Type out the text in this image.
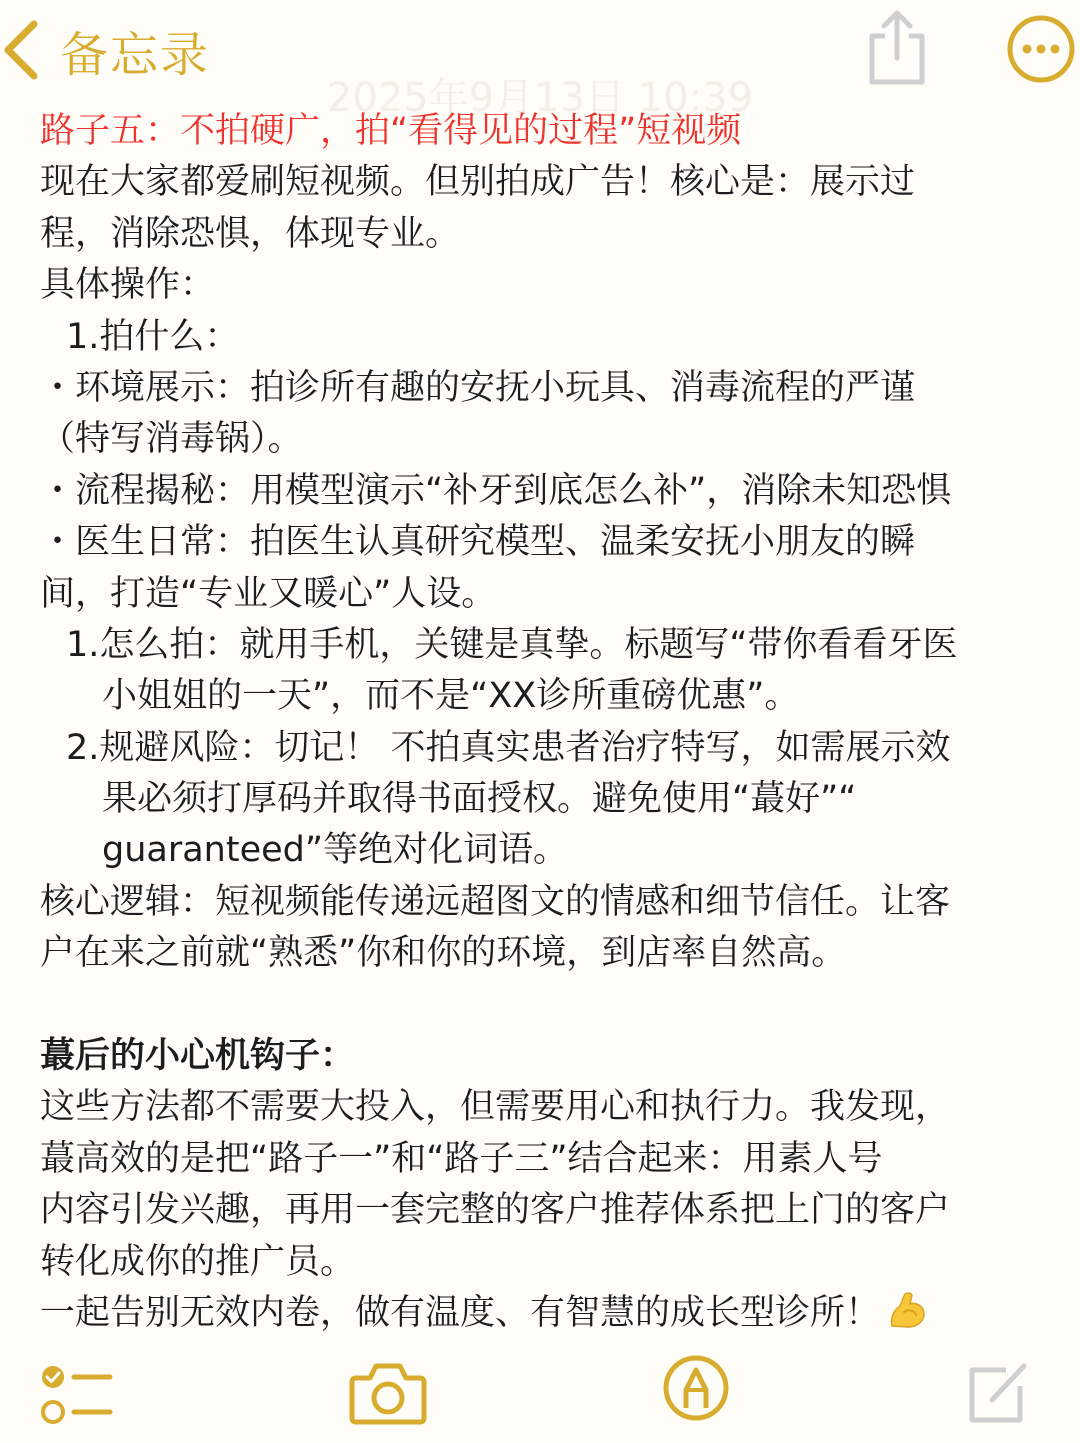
2025年9月13日 10:39
备忘录
路子五：不拍硬广，拍“看得见的过程”短视频
现在大家都爱刷短视频。但别拍成广告！核心是：展示过
程，消除恐惧，体现专业。
具体操作：
1.拍什么：
・环境展示：拍诊所有趣的安抚小玩具、消毒流程的严谨
（特写消毒锅）。
・流程揭秘：用模型演示“补牙到底怎么补”，消除未知恐惧
・医生日常：拍医生认真研究模型、温柔安抚小朋友的瞬
间，打造“专业又暖心”人设。
1.怎么拍：就用手机，关键是真挚。标题写“带你看看牙医
小姐姐的一天”，而不是“XX诊所重磅优惠”。
2.规避风险：切记！ 不拍真实患者治疗特写，如需展示效
果必须打厚码并取得书面授权。避免使用“蕞好”“
guaranteed”等绝对化词语。
核心逻辑：短视频能传递远超图文的情感和细节信任。让客
户在来之前就“熟悉”你和你的环境，到店率自然高。
蕞后的小心机钩子：
这些方法都不需要大投入，但需要用心和执行力。我发现，
蕞高效的是把“路子一”和“路子三”结合起来：用素人号
内容引发兴趣，再用一套完整的客户推荐体系把上门的客户
转化成你的推广员。
一起告别无效内卷，做有温度、有智慧的成长型诊所！
